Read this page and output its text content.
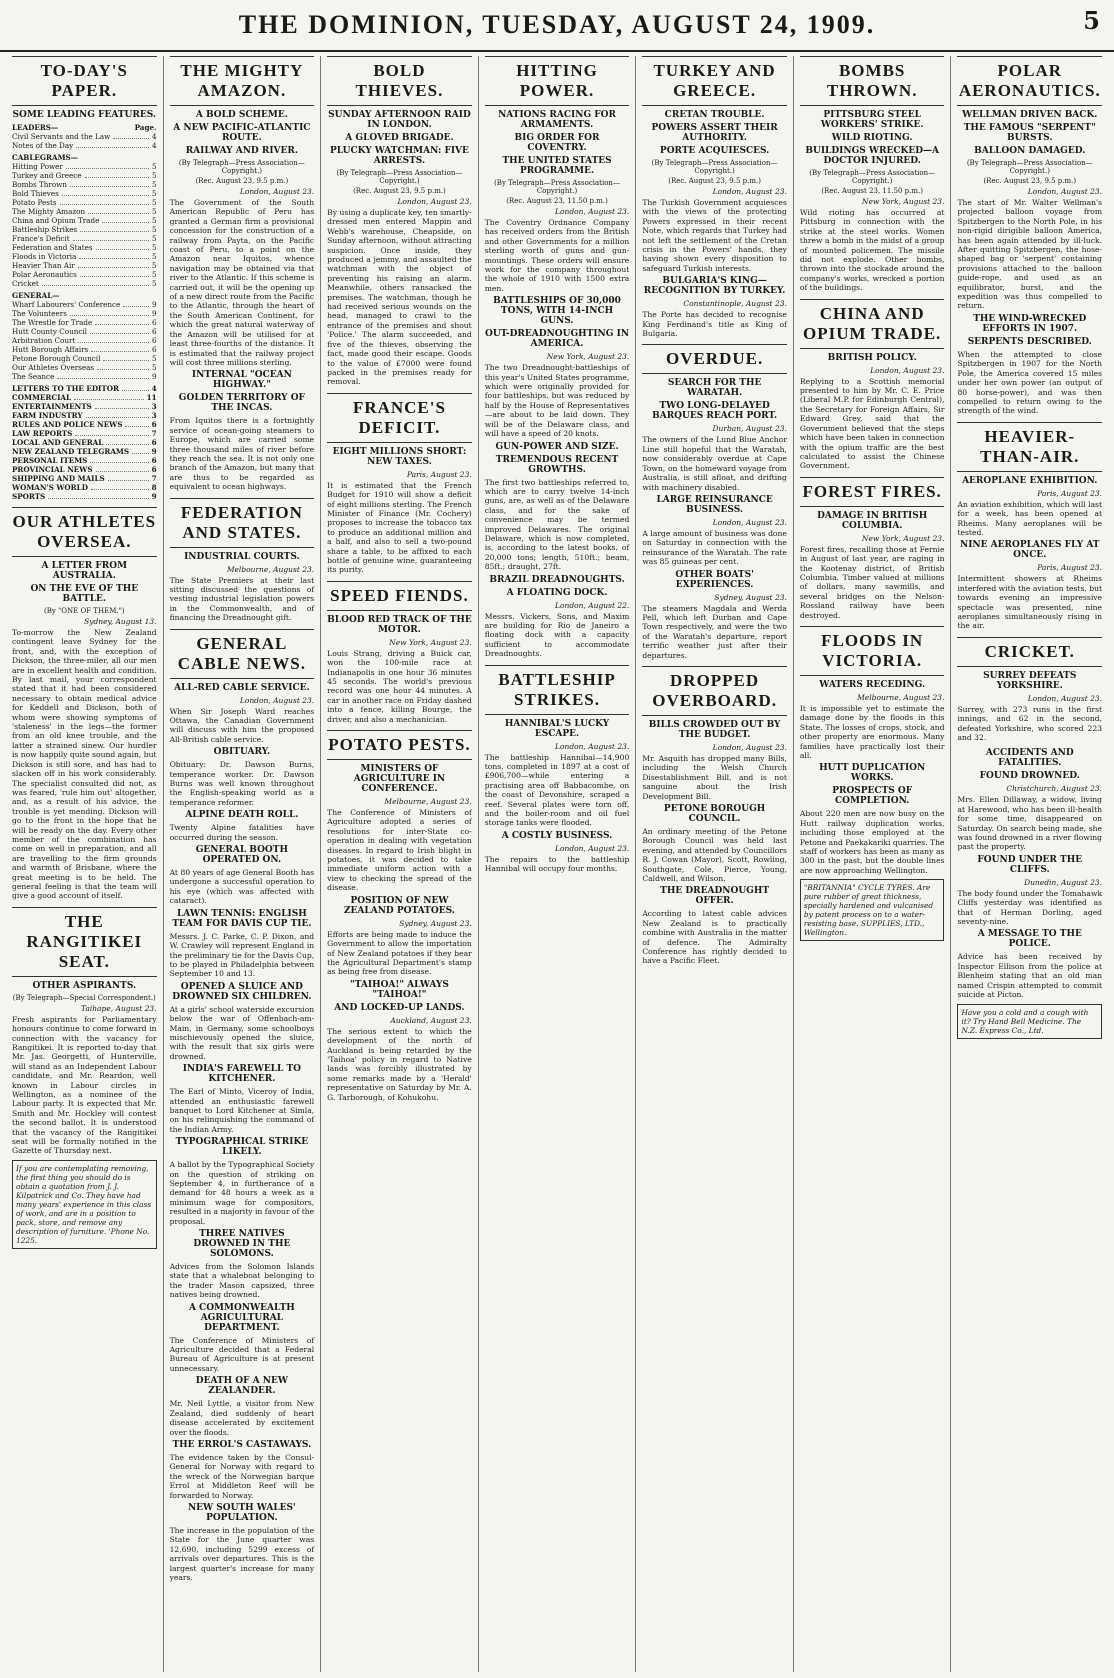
THE DOMINION, TUESDAY, AUGUST 24, 1909.	5
TO-DAY'S PAPER.
SOME LEADING FEATURES.
LEADERS—	Page.
Civil Servants and the Law	4
Notes of the Day	4
CABLEGRAMS—
Hitting Power	5
Turkey and Greece	5
Bombs Thrown	5
Bold Thieves	5
Potato Pests	5
The Mighty Amazon	5
China and Opium Trade	5
Battleship Strikes	5
France's Deficit	5
Federation and States	5
Floods in Victoria	5
Heavier Than Air	5
Polar Aeronautics	5
Cricket	5
GENERAL—
Wharf Labourers' Conference	9
The Volunteers	9
The Wrestle for Trade	6
Hutt County Council	6
Arbitration Court	6
Hutt Borough Affairs	6
Petone Borough Council	5
Our Athletes Overseas	5
The Seance	9
LETTERS TO THE EDITOR	4
COMMERCIAL	11
ENTERTAINMENTS	3
FARM INDUSTRY	3
RULES AND POLICE NEWS	6
LAW REPORTS	7
LOCAL AND GENERAL	6
NEW ZEALAND TELEGRAMS	9
PERSONAL ITEMS	6
PROVINCIAL NEWS	6
SHIPPING AND MAILS	7
WOMAN'S WORLD	8
SPORTS	9
OUR ATHLETES OVERSEA.
A LETTER FROM AUSTRALIA.
ON THE EVE OF THE BATTLE.
(By "ONE OF THEM.")
Sydney, August 13.
To-morrow the New Zealand contingent leave Sydney for the front, and, with the exception of Dickson, the three-miler, all our men are in excellent health and condition. By last mail, your correspondent stated that it had been considered necessary to obtain medical advice for Keddell and Dickson, both of whom were showing symptoms of 'staleness' in the legs—the former from an old knee trouble, and the latter a strained sinew. Our hurdler is now happily quite sound again, but Dickson is still sore, and has had to slacken off in his work considerably. The specialist consulted did not, as was feared, 'rule him out' altogether, and, as a result of his advice, the trouble is yet mending. Dickson will go to the front in the hope that he will be ready on the day. Every other member of the combination has come on well in preparation, and all are travelling to the firm grounds and warmth of Brisbane, where the great meeting is to be held. The general feeling is that the team will give a good account of itself.
THE RANGITIKEI SEAT.
OTHER ASPIRANTS.
(By Telegraph—Special Correspondent.)
Taihape, August 23.
Fresh aspirants for Parliamentary honours continue to come forward in connection with the vacancy for Rangitikei. It is reported to-day that Mr. Jas. Georgetti, of Hunterville, will stand as an Independent Labour candidate, and Mr. Reardon, well known in Labour circles in Wellington, as a nominee of the Labour party. It is expected that Mr. Smith and Mr. Hockley will contest the second ballot. It is understood that the vacancy of the Rangitikei seat will be formally notified in the Gazette of Thursday next.
If you are contemplating removing, the first thing you should do is obtain a quotation from J. J. Kilpatrick and Co. They have had many years' experience in this class of work, and are in a position to pack, store, and remove any description of furniture. 'Phone No. 1225.
THE MIGHTY AMAZON.
A BOLD SCHEME.
A NEW PACIFIC-ATLANTIC ROUTE.
RAILWAY AND RIVER.
(By Telegraph—Press Association—Copyright.)
(Rec. August 23, 9.5 p.m.)
London, August 23.
The Government of the South American Republic of Peru has granted a German firm a provisional concession for the construction of a railway from Payta, on the Pacific coast of Peru, to a point on the Amazon near Iquitos, whence navigation may be obtained via that river to the Atlantic. If this scheme is carried out, it will be the opening up of a new direct route from the Pacific to the Atlantic, through the heart of the South American Continent, for which the great natural waterway of the Amazon will be utilised for at least three-fourths of the distance. It is estimated that the railway project will cost three millions sterling.
INTERNAL "OCEAN HIGHWAY."
GOLDEN TERRITORY OF THE INCAS.
From Iquitos there is a fortnightly service of ocean-going steamers to Europe, which are carried some three thousand miles of river before they reach the sea. It is not only one branch of the Amazon, but many that are thus to be regarded as equivalent to ocean highways.
FEDERATION AND STATES.
INDUSTRIAL COURTS.
Melbourne, August 23.
The State Premiers at their last sitting discussed the questions of vesting industrial legislation powers in the Commonwealth, and of financing the Dreadnought gift.
GENERAL CABLE NEWS.
ALL-RED CABLE SERVICE.
London, August 23.
When Sir Joseph Ward reaches Ottawa, the Canadian Government will discuss with him the proposed All-British cable service.
OBITUARY.
Obituary: Dr. Dawson Burns, temperance worker. Dr. Dawson Burns was well known throughout the English-speaking world as a temperance reformer.
ALPINE DEATH ROLL.
Twenty Alpine fatalities have occurred during the season.
GENERAL BOOTH OPERATED ON.
At 80 years of age General Booth has undergone a successful operation to his eye (which was affected with cataract).
LAWN TENNIS: ENGLISH TEAM FOR DAVIS CUP TIE.
Messrs. J. C. Parke, C. P. Dixon, and W. Crawley will represent England in the preliminary tie for the Davis Cup, to be played in Philadelphia between September 10 and 13.
OPENED A SLUICE AND DROWNED SIX CHILDREN.
At a girls' school waterside excursion below the war of Offenbach-am-Main, in Germany, some schoolboys mischievously opened the sluice, with the result that six girls were drowned.
INDIA'S FAREWELL TO KITCHENER.
The Earl of Minto, Viceroy of India, attended an enthusiastic farewell banquet to Lord Kitchener at Simla, on his relinquishing the command of the Indian Army.
TYPOGRAPHICAL STRIKE LIKELY.
A ballot by the Typographical Society on the question of striking on September 4, in furtherance of a demand for 48 hours a week as a minimum wage for compositors, resulted in a majority in favour of the proposal.
THREE NATIVES DROWNED IN THE SOLOMONS.
Advices from the Solomon Islands state that a whaleboat belonging to the trader Mason capsized, three natives being drowned.
A COMMONWEALTH AGRICULTURAL DEPARTMENT.
The Conference of Ministers of Agriculture decided that a Federal Bureau of Agriculture is at present unnecessary.
DEATH OF A NEW ZEALANDER.
Mr. Neil Lyttle, a visitor from New Zealand, died suddenly of heart disease accelerated by excitement over the floods.
THE ERROL'S CASTAWAYS.
The evidence taken by the Consul-General for Norway with regard to the wreck of the Norwegian barque Errol at Middleton Reef will be forwarded to Norway.
NEW SOUTH WALES' POPULATION.
The increase in the population of the State for the June quarter was 12,690, including 5299 excess of arrivals over departures. This is the largest quarter's increase for many years.
BOLD THIEVES.
SUNDAY AFTERNOON RAID IN LONDON.
A GLOVED BRIGADE.
PLUCKY WATCHMAN: FIVE ARRESTS.
(By Telegraph—Press Association—Copyright.)
(Rec. August 23, 9.5 p.m.)
London, August 23.
By using a duplicate key, ten smartly-dressed men entered Mappin and Webb's warehouse, Cheapside, on Sunday afternoon, without attracting suspicion. Once inside, they produced a jemmy, and assaulted the watchman with the object of preventing his raising an alarm. Meanwhile, others ransacked the premises. The watchman, though he had received serious wounds on the head, managed to crawl to the entrance of the premises and shout 'Police.' The alarm succeeded, and five of the thieves, observing the fact, made good their escape. Goods to the value of £7000 were found packed in the premises ready for removal.
FRANCE'S DEFICIT.
EIGHT MILLIONS SHORT: NEW TAXES.
Paris, August 23.
It is estimated that the French Budget for 1910 will show a deficit of eight millions sterling. The French Minister of Finance (Mr. Cochery) proposes to increase the tobacco tax to produce an additional million and a half, and also to sell a two-pound share a table, to be affixed to each bottle of genuine wine, guaranteeing its purity.
SPEED FIENDS.
BLOOD RED TRACK OF THE MOTOR.
New York, August 23.
Louis Strang, driving a Buick car, won the 100-mile race at Indianapolis in one hour 36 minutes 45 seconds. The world's previous record was one hour 44 minutes. A car in another race on Friday dashed into a fence, killing Bourge, the driver, and also a mechanician.
POTATO PESTS.
MINISTERS OF AGRICULTURE IN CONFERENCE.
Melbourne, August 23.
The Conference of Ministers of Agriculture adopted a series of resolutions for inter-State co-operation in dealing with vegetation diseases. In regard to Irish blight in potatoes, it was decided to take immediate uniform action with a view to checking the spread of the disease.
POSITION OF NEW ZEALAND POTATOES.
Sydney, August 23.
Efforts are being made to induce the Government to allow the importation of New Zealand potatoes if they bear the Agricultural Department's stamp as being free from disease.
"TAIHOA!" ALWAYS "TAIHOA!"
AND LOCKED-UP LANDS.
Auckland, August 23.
The serious extent to which the development of the north of Auckland is being retarded by the 'Taihoa' policy in regard to Native lands was forcibly illustrated by some remarks made by a 'Herald' representative on Saturday by Mr. A. G. Tarborough, of Kohukohu.
HITTING POWER.
NATIONS RACING FOR ARMAMENTS.
BIG ORDER FOR COVENTRY.
THE UNITED STATES PROGRAMME.
(By Telegraph—Press Association—Copyright.)
(Rec. August 23, 11.50 p.m.)
London, August 23.
The Coventry Ordnance Company has received orders from the British and other Governments for a million sterling worth of guns and gun-mountings. These orders will ensure work for the company throughout the whole of 1910 with 1500 extra men.
BATTLESHIPS OF 30,000 TONS, WITH 14-INCH GUNS.
OUT-DREADNOUGHTING IN AMERICA.
New York, August 23.
The two Dreadnought-battleships of this year's United States programme, which were originally provided for four battleships, but was reduced by half by the House of Representatives—are about to be laid down. They will be of the Delaware class, and will have a speed of 20 knots.
GUN-POWER AND SIZE.
TREMENDOUS RECENT GROWTHS.
The first two battleships referred to, which are to carry twelve 14-inch guns, are, as well as of the Delaware class, and for the sake of convenience may be termed improved Delawares. The original Delaware, which is now completed, is, according to the latest books, of 20,000 tons; length, 510ft.; beam, 85ft.; draught, 27ft.
BRAZIL DREADNOUGHTS.
A FLOATING DOCK.
London, August 22.
Messrs. Vickers, Sons, and Maxim are building for Rio de Janeiro a floating dock with a capacity sufficient to accommodate Dreadnoughts.
BATTLESHIP STRIKES.
HANNIBAL'S LUCKY ESCAPE.
London, August 23.
The battleship Hannibal—14,900 tons, completed in 1897 at a cost of £906,700—while entering a practising area off Babbacombe, on the coast of Devonshire, scraped a reef. Several plates were torn off, and the boiler-room and oil fuel storage tanks were flooded.
A COSTLY BUSINESS.
London, August 23.
The repairs to the battleship Hannibal will occupy four months.
TURKEY AND GREECE.
CRETAN TROUBLE.
POWERS ASSERT THEIR AUTHORITY.
PORTE ACQUIESCES.
(By Telegraph—Press Association—Copyright.)
(Rec. August 23, 9.5 p.m.)
London, August 23.
The Turkish Government acquiesces with the views of the protecting Powers expressed in their recent Note, which regards that Turkey had not left the settlement of the Cretan crisis in the Powers' hands, they having shown every disposition to safeguard Turkish interests.
BULGARIA'S KING—RECOGNITION BY TURKEY.
Constantinople, August 23.
The Porte has decided to recognise King Ferdinand's title as King of Bulgaria.
OVERDUE.
SEARCH FOR THE WARATAH.
TWO LONG-DELAYED BARQUES REACH PORT.
Durban, August 23.
The owners of the Lund Blue Anchor Line still hopeful that the Waratah, now considerably overdue at Cape Town, on the homeward voyage from Australia, is still afloat, and drifting with machinery disabled.
LARGE REINSURANCE BUSINESS.
London, August 23.
A large amount of business was done on Saturday in connection with the reinsurance of the Waratah. The rate was 85 guineas per cent.
OTHER BOATS' EXPERIENCES.
Sydney, August 23.
The steamers Magdala and Werda Pell, which left Durban and Cape Town respectively, and were the two of the Waratah's departure, report terrific weather just after their departures.
DROPPED OVERBOARD.
BILLS CROWDED OUT BY THE BUDGET.
London, August 23.
Mr. Asquith has dropped many Bills, including the Welsh Church Disestablishment Bill, and is not sanguine about the Irish Development Bill.
PETONE BOROUGH COUNCIL.
An ordinary meeting of the Petone Borough Council was held last evening, and attended by Councillors R. J. Cowan (Mayor), Scott, Rowling, Southgate, Cole, Pierce, Young, Caldwell, and Wilson.
THE DREADNOUGHT OFFER.
According to latest cable advices New Zealand is to practically combine with Australia in the matter of defence. The Admiralty Conference has rightly decided to have a Pacific Fleet.
BOMBS THROWN.
PITTSBURG STEEL WORKERS' STRIKE.
WILD RIOTING.
BUILDINGS WRECKED—A DOCTOR INJURED.
(By Telegraph—Press Association—Copyright.)
(Rec. August 23, 11.50 p.m.)
New York, August 23.
Wild rioting has occurred at Pittsburg in connection with the strike at the steel works. Women threw a bomb in the midst of a group of mounted policemen. The missile did not explode. Other bombs, thrown into the stockade around the company's works, wrecked a portion of the buildings.
CHINA AND OPIUM TRADE.
BRITISH POLICY.
London, August 23.
Replying to a Scottish memorial presented to him by Mr. C. E. Price (Liberal M.P. for Edinburgh Central), the Secretary for Foreign Affairs, Sir Edward Grey, said that the Government believed that the steps which have been taken in connection with the opium traffic are the best calculated to assist the Chinese Government.
FOREST FIRES.
DAMAGE IN BRITISH COLUMBIA.
New York, August 23.
Forest fires, recalling those at Fernie in August of last year, are raging in the Kootenay district, of British Columbia. Timber valued at millions of dollars, many sawmills, and several bridges on the Nelson-Rossland railway have been destroyed.
FLOODS IN VICTORIA.
WATERS RECEDING.
Melbourne, August 23.
It is impossible yet to estimate the damage done by the floods in this State. The losses of crops, stock, and other property are enormous. Many families have practically lost their all.
HUTT DUPLICATION WORKS.
PROSPECTS OF COMPLETION.
About 220 men are now busy on the Hutt railway duplication works, including those employed at the Petone and Paekakariki quarries. The staff of workers has been as many as 300 in the past, but the double lines are now approaching Wellington.
"BRITANNIA" CYCLE TYRES. Are pure rubber of great thickness, specially hardened and vulcanised by patent process on to a water-resisting base. SUPPLIES, LTD., Wellington.
POLAR AERONAUTICS.
WELLMAN DRIVEN BACK.
THE FAMOUS "SERPENT" BURSTS.
BALLOON DAMAGED.
(By Telegraph—Press Association—Copyright.)
(Rec. August 23, 9.5 p.m.)
London, August 23.
The start of Mr. Walter Wellman's projected balloon voyage from Spitzbergen to the North Pole, in his non-rigid dirigible balloon America, has been again attended by ill-luck. After quitting Spitzbergen, the hose-shaped bag or 'serpent' containing provisions attached to the balloon guide-rope, and used as an equilibrator, burst, and the expedition was thus compelled to return.
THE WIND-WRECKED EFFORTS IN 1907.
SERPENTS DESCRIBED.
When the attempted to close Spitzbergen in 1907 for the North Pole, the America covered 15 miles under her own power (an output of 80 horse-power), and was then compelled to return owing to the strength of the wind.
HEAVIER-THAN-AIR.
AEROPLANE EXHIBITION.
Paris, August 23.
An aviation exhibition, which will last for a week, has been opened at Rheims. Many aeroplanes will be tested.
NINE AEROPLANES FLY AT ONCE.
Paris, August 23.
Intermittent showers at Rheims interfered with the aviation tests, but towards evening an impressive spectacle was presented, nine aeroplanes simultaneously rising in the air.
CRICKET.
SURREY DEFEATS YORKSHIRE.
London, August 23.
Surrey, with 273 runs in the first innings, and 62 in the second, defeated Yorkshire, who scored 223 and 32.
ACCIDENTS AND FATALITIES.
FOUND DROWNED.
Christchurch, August 23.
Mrs. Ellen Dillaway, a widow, living at Harewood, who has been ill-health for some time, disappeared on Saturday. On search being made, she was found drowned in a river flowing past the property.
FOUND UNDER THE CLIFFS.
Dunedin, August 23.
The body found under the Tomahawk Cliffs yesterday was identified as that of Herman Dorling, aged seventy-nine.
A MESSAGE TO THE POLICE.
Advice has been received by Inspector Ellison from the police at Blenheim stating that an old man named Crispin attempted to commit suicide at Picton.
Have you a cold and a cough with it? Try Hand Bell Medicine. The N.Z. Express Co., Ltd.
